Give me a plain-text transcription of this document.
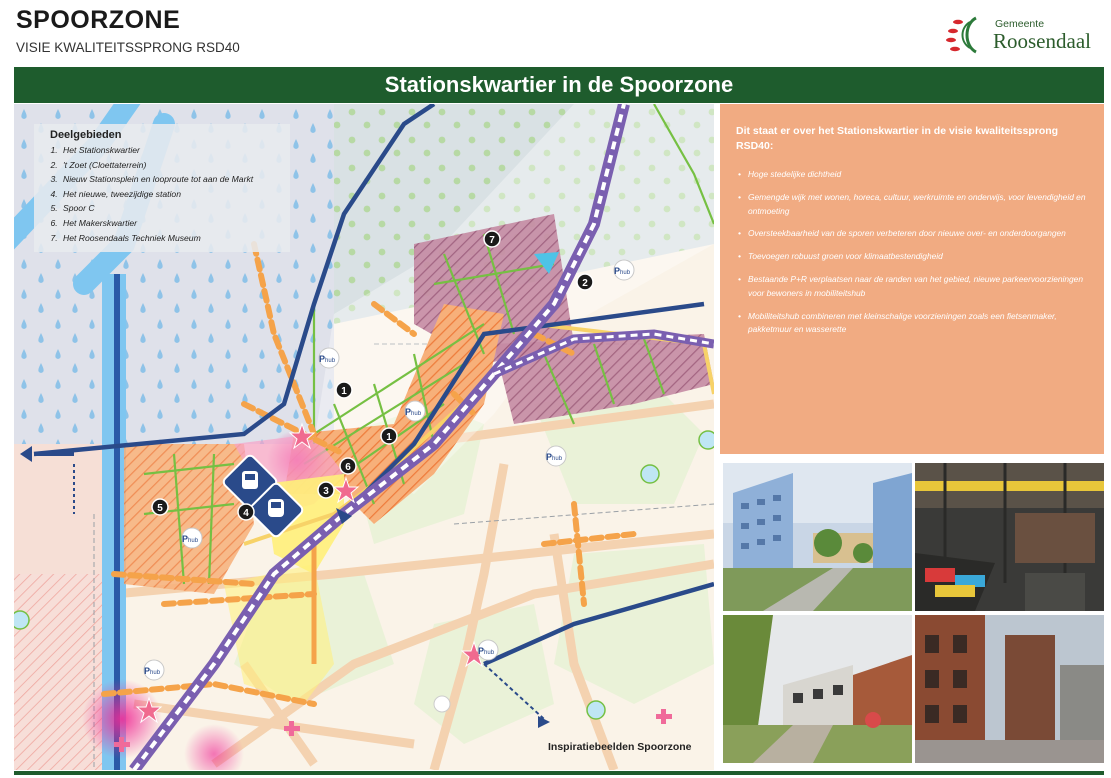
SPOORZONE
VISIE KWALITEITSSPRONG RSD40
Gemeente
Roosendaal
Stationskwartier in de Spoorzone
7
2
1
1
6
3
4
5
Phub
Phub
Phub
Phub
Phub
Phub
Phub
Deelgebieden
1. Het Stationskwartier
2. 't Zoet (Cloettaterrein)
3. Nieuw Stationsplein en looproute tot aan de Markt
4. Het nieuwe, tweezijdige station
5. Spoor C
6. Het Makerskwartier
7. Het Roosendaals Techniek Museum
Dit staat er over het Stationskwartier in de visie kwaliteitssprong RSD40:
• Hoge stedelijke dichtheid
• Gemengde wijk met wonen, horeca, cultuur, werkruimte en onderwijs, voor levendigheid en ontmoeting
• Oversteekbaarheid van de sporen verbeteren door nieuwe over- en onderdoorgangen
• Toevoegen robuust groen voor klimaatbestendigheid
• Bestaande P+R verplaatsen naar de randen van het gebied, nieuwe parkeervoorzieningen voor bewoners in mobiliteitshub
• Mobiliteitshub combineren met kleinschalige voorzieningen zoals een fietsenmaker, pakketmuur en wasserette
Inspiratiebeelden Spoorzone
